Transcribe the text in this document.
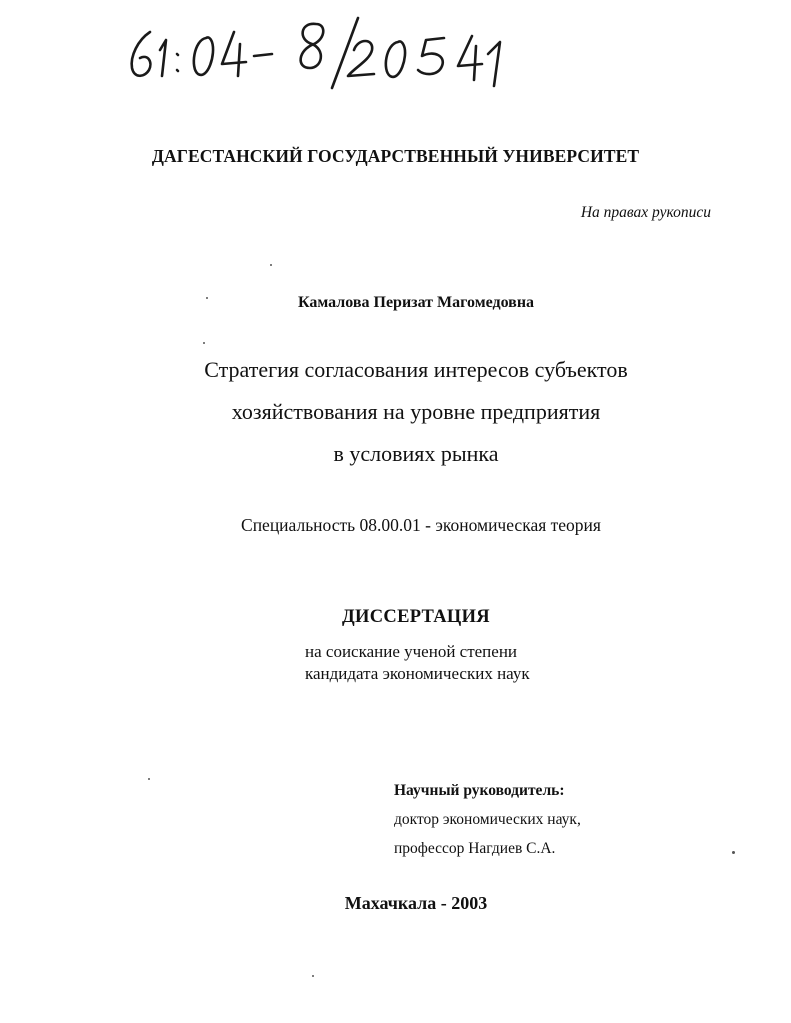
ДАГЕСТАНСКИЙ ГОСУДАРСТВЕННЫЙ УНИВЕРСИТЕТ
На правах рукописи
Камалова Перизат Магомедовна
Стратегия согласования интересов субъектов
хозяйствования на уровне предприятия
в условиях рынка
Специальность 08.00.01 - экономическая теория
ДИССЕРТАЦИЯ
на соискание ученой степени
кандидата экономических наук
Научный руководитель:
доктор экономических наук,
профессор Нагдиев С.А.
Махачкала - 2003
